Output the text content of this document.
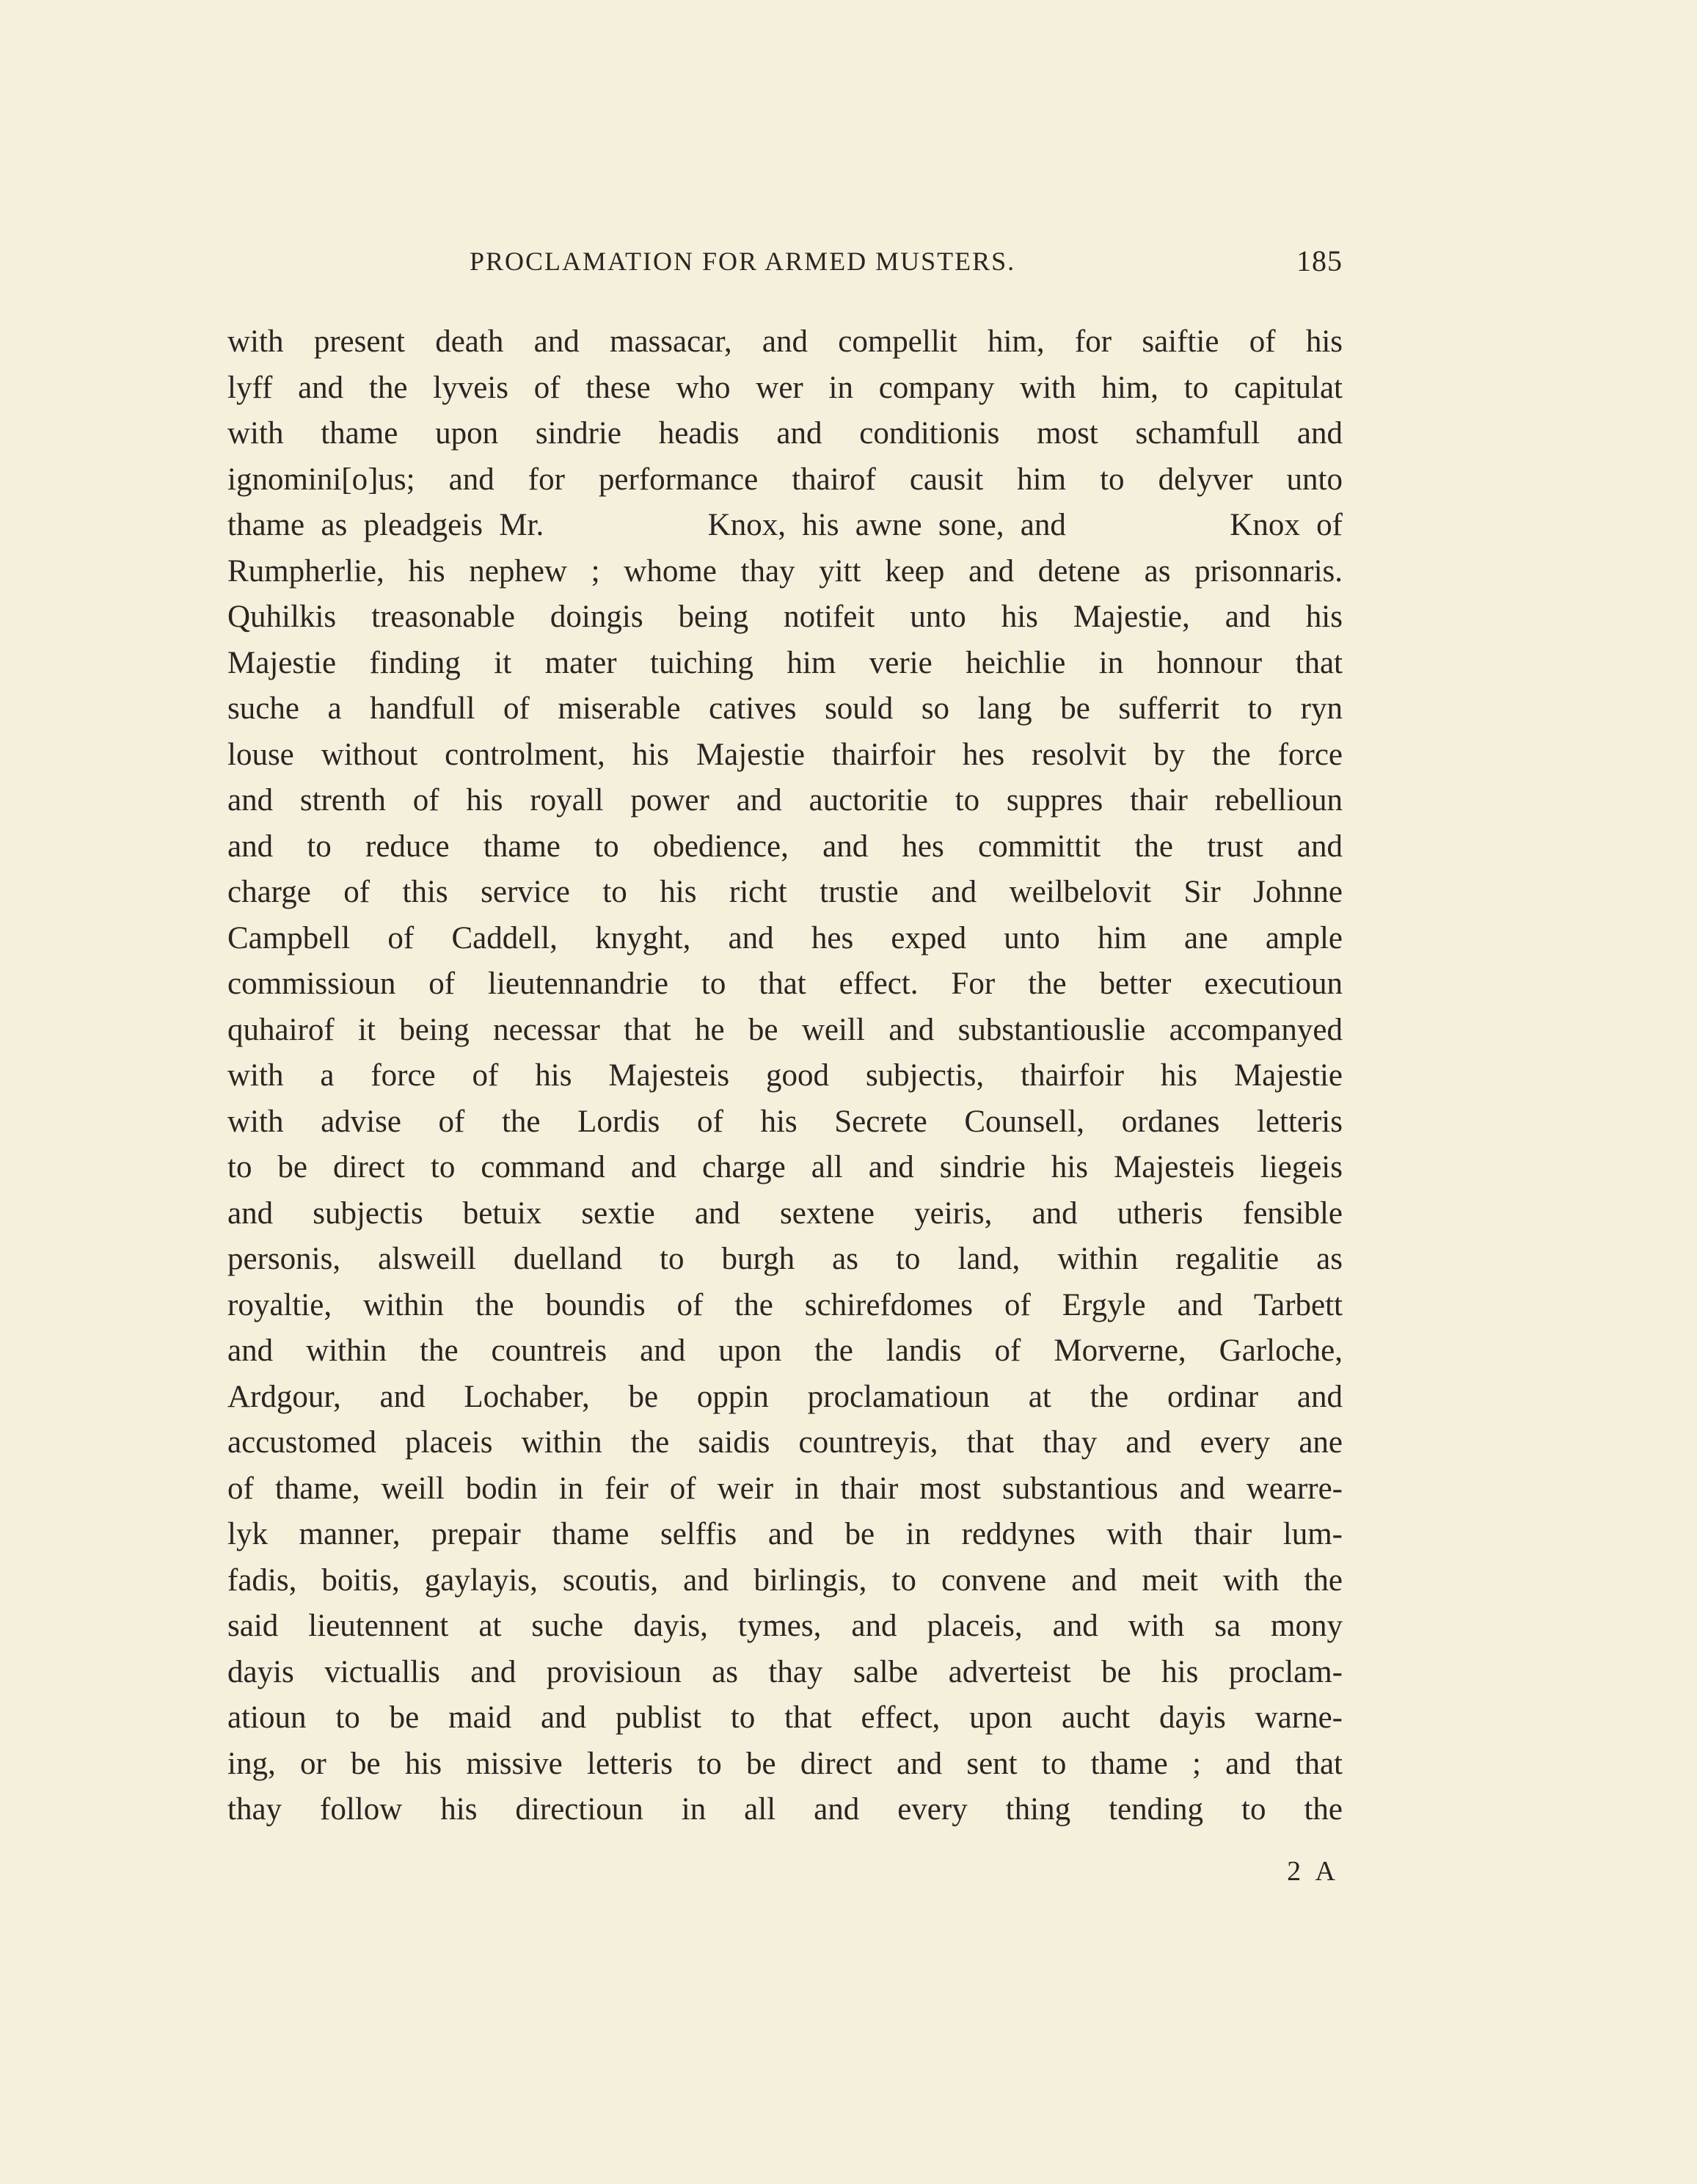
PROCLAMATION FOR ARMED MUSTERS.	185
with present death and massacar, and compellit him, for saiftie of his
lyff and the lyveis of these who wer in company with him, to capitulat
with thame upon sindrie headis and conditionis most schamfull and
ignomini[o]us; and for performance thairof causit him to delyver unto
thame as pleadgeis Mr.          Knox, his awne sone, and          Knox of
Rumpherlie, his nephew ; whome thay yitt keep and detene as prisonnaris.
Quhilkis treasonable doingis being notifeit unto his Majestie, and his
Majestie finding it mater tuiching him verie heichlie in honnour that
suche a handfull of miserable catives sould so lang be sufferrit to ryn
louse without controlment, his Majestie thairfoir hes resolvit by the force
and strenth of his royall power and auctoritie to suppres thair rebellioun
and to reduce thame to obedience, and hes committit the trust and
charge of this service to his richt trustie and weilbelovit Sir Johnne
Campbell of Caddell, knyght, and hes exped unto him ane ample
commissioun of lieutennandrie to that effect. For the better executioun
quhairof it being necessar that he be weill and substantiouslie accompanyed
with a force of his Majesteis good subjectis, thairfoir his Majestie
with advise of the Lordis of his Secrete Counsell, ordanes letteris
to be direct to command and charge all and sindrie his Majesteis liegeis
and subjectis betuix sextie and sextene yeiris, and utheris fensible
personis, alsweill duelland to burgh as to land, within regalitie as
royaltie, within the boundis of the schirefdomes of Ergyle and Tarbett
and within the countreis and upon the landis of Morverne, Garloche,
Ardgour, and Lochaber, be oppin proclamatioun at the ordinar and
accustomed placeis within the saidis countreyis, that thay and every ane
of thame, weill bodin in feir of weir in thair most substantious and wearre-
lyk manner, prepair thame selffis and be in reddynes with thair lum-
fadis, boitis, gaylayis, scoutis, and birlingis, to convene and meit with the
said lieutennent at suche dayis, tymes, and placeis, and with sa mony
dayis victuallis and provisioun as thay salbe adverteist be his proclam-
atioun to be maid and publist to that effect, upon aucht dayis warne-
ing, or be his missive letteris to be direct and sent to thame ; and that
thay follow his directioun in all and every thing tending to the
2 A
